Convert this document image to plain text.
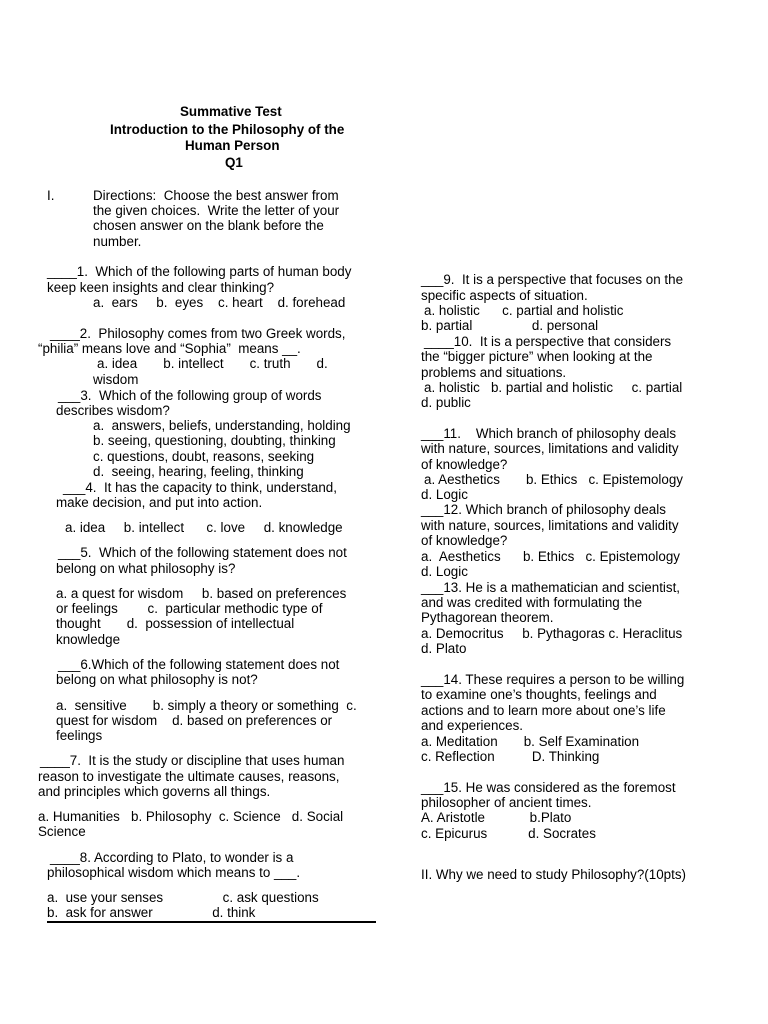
Summative Test
Introduction to the Philosophy of the
Human Person
Q1
I.	Directions:  Choose the best answer from
the given choices.  Write the letter of your
chosen answer on the blank before the
number.
____1.  Which of the following parts of human body
keep keen insights and clear thinking?
a.  ears     b.  eyes    c. heart    d. forehead
____2.  Philosophy comes from two Greek words,
“philia” means love and “Sophia”  means __.
a. idea       b. intellect       c. truth       d.
wisdom
___3.  Which of the following group of words
describes wisdom?
a.  answers, beliefs, understanding, holding
b. seeing, questioning, doubting, thinking
c. questions, doubt, reasons, seeking
d.  seeing, hearing, feeling, thinking
___4.  It has the capacity to think, understand,
make decision, and put into action.
a. idea     b. intellect      c. love     d. knowledge
___5.  Which of the following statement does not
belong on what philosophy is?
a. a quest for wisdom     b. based on preferences
or feelings        c.  particular methodic type of
thought       d.  possession of intellectual
knowledge
___6.Which of the following statement does not
belong on what philosophy is not?
a.  sensitive       b. simply a theory or something  c.
quest for wisdom    d. based on preferences or
feelings
____7.  It is the study or discipline that uses human
reason to investigate the ultimate causes, reasons,
and principles which governs all things.
a. Humanities   b. Philosophy  c. Science   d. Social
Science
____8. According to Plato, to wonder is a
philosophical wisdom which means to ___.
a.  use your senses                c. ask questions
b.  ask for answer                d. think
___9.  It is a perspective that focuses on the
specific aspects of situation.
a. holistic      c. partial and holistic
b. partial                d. personal
____10.  It is a perspective that considers
the “bigger picture” when looking at the
problems and situations.
a. holistic   b. partial and holistic     c. partial
d. public
___11.    Which branch of philosophy deals
with nature, sources, limitations and validity
of knowledge?
a. Aesthetics       b. Ethics   c. Epistemology
d. Logic
___12. Which branch of philosophy deals
with nature, sources, limitations and validity
of knowledge?
a.  Aesthetics      b. Ethics   c. Epistemology
d. Logic
___13. He is a mathematician and scientist,
and was credited with formulating the
Pythagorean theorem.
a. Democritus     b. Pythagoras c. Heraclitus
d. Plato
___14. These requires a person to be willing
to examine one’s thoughts, feelings and
actions and to learn more about one’s life
and experiences.
a. Meditation       b. Self Examination
c. Reflection          D. Thinking
___15. He was considered as the foremost
philosopher of ancient times.
A. Aristotle            b.Plato
c. Epicurus           d. Socrates
II. Why we need to study Philosophy?(10pts)
